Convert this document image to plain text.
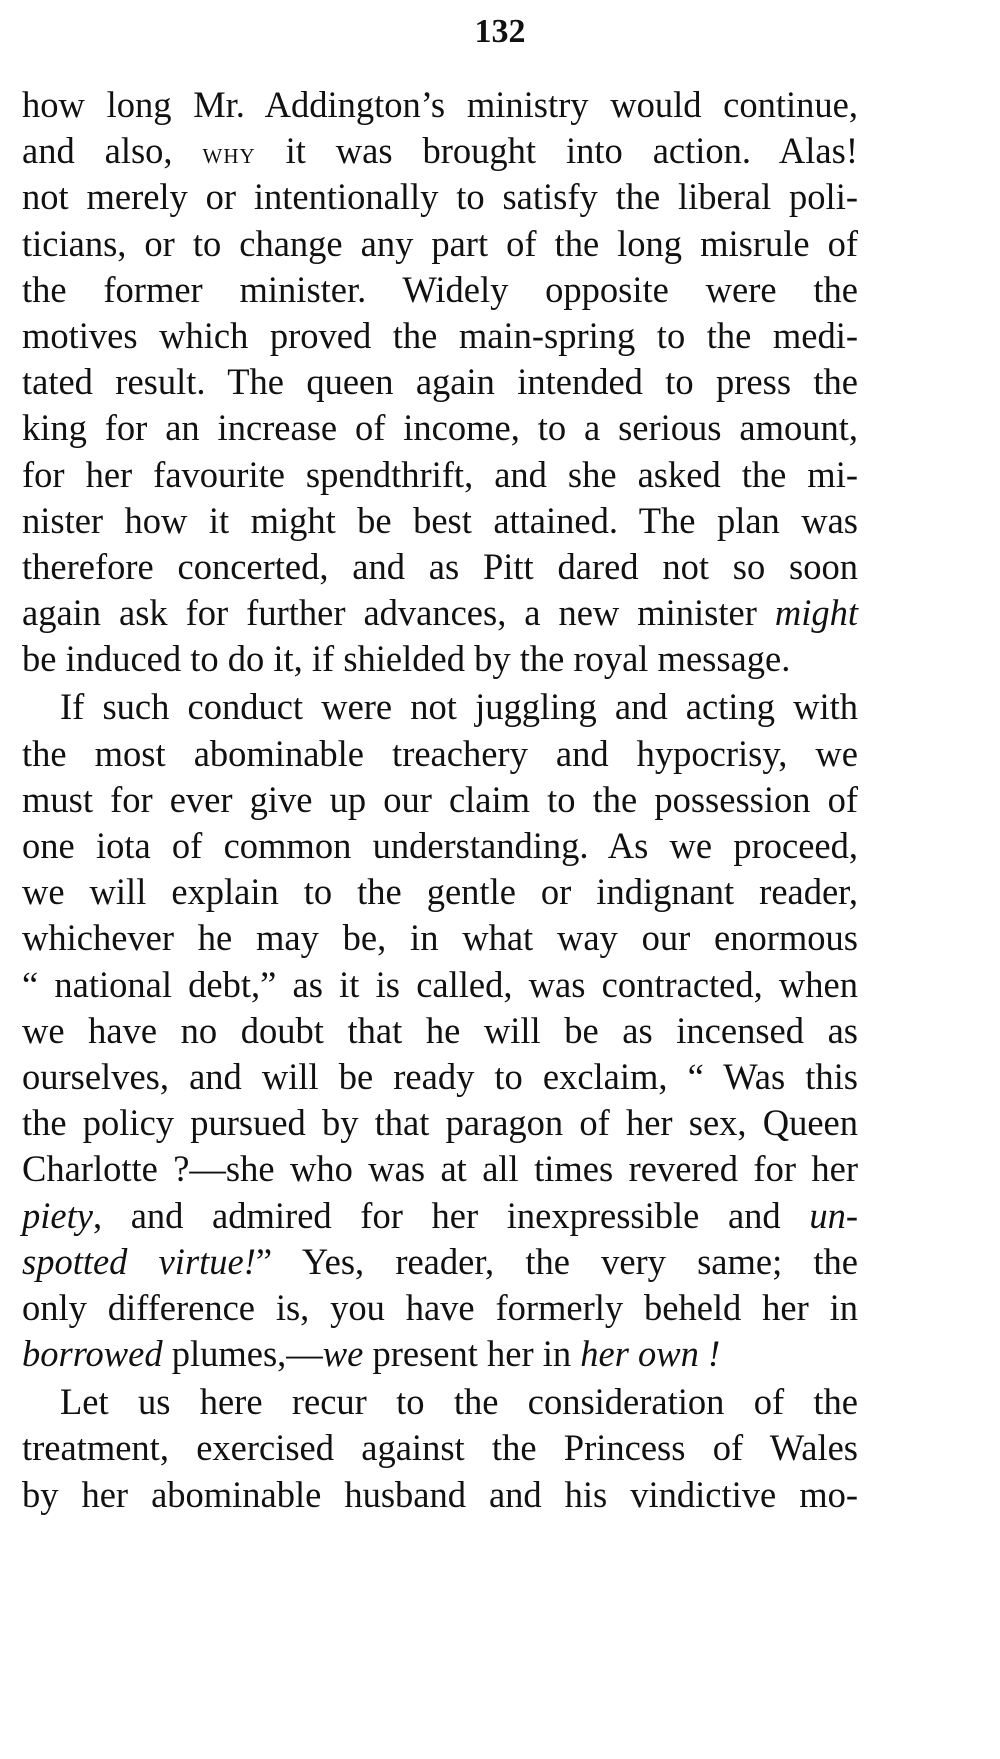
132
how long Mr. Addington’s ministry would continue,
and also, why it was brought into action. Alas!
not merely or intentionally to satisfy the liberal poli-
ticians, or to change any part of the long misrule of
the former minister. Widely opposite were the
motives which proved the main-spring to the medi-
tated result. The queen again intended to press the
king for an increase of income, to a serious amount,
for her favourite spendthrift, and she asked the mi-
nister how it might be best attained. The plan was
therefore concerted, and as Pitt dared not so soon
again ask for further advances, a new minister might
be induced to do it, if shielded by the royal message.
If such conduct were not juggling and acting with
the most abominable treachery and hypocrisy, we
must for ever give up our claim to the possession of
one iota of common understanding. As we proceed,
we will explain to the gentle or indignant reader,
whichever he may be, in what way our enormous
“ national debt,” as it is called, was contracted, when
we have no doubt that he will be as incensed as
ourselves, and will be ready to exclaim, “ Was this
the policy pursued by that paragon of her sex, Queen
Charlotte ?—she who was at all times revered for her
piety, and admired for her inexpressible and un-
spotted virtue!” Yes, reader, the very same; the
only difference is, you have formerly beheld her in
borrowed plumes,—we present her in her own !
Let us here recur to the consideration of the
treatment, exercised against the Princess of Wales
by her abominable husband and his vindictive mo-
